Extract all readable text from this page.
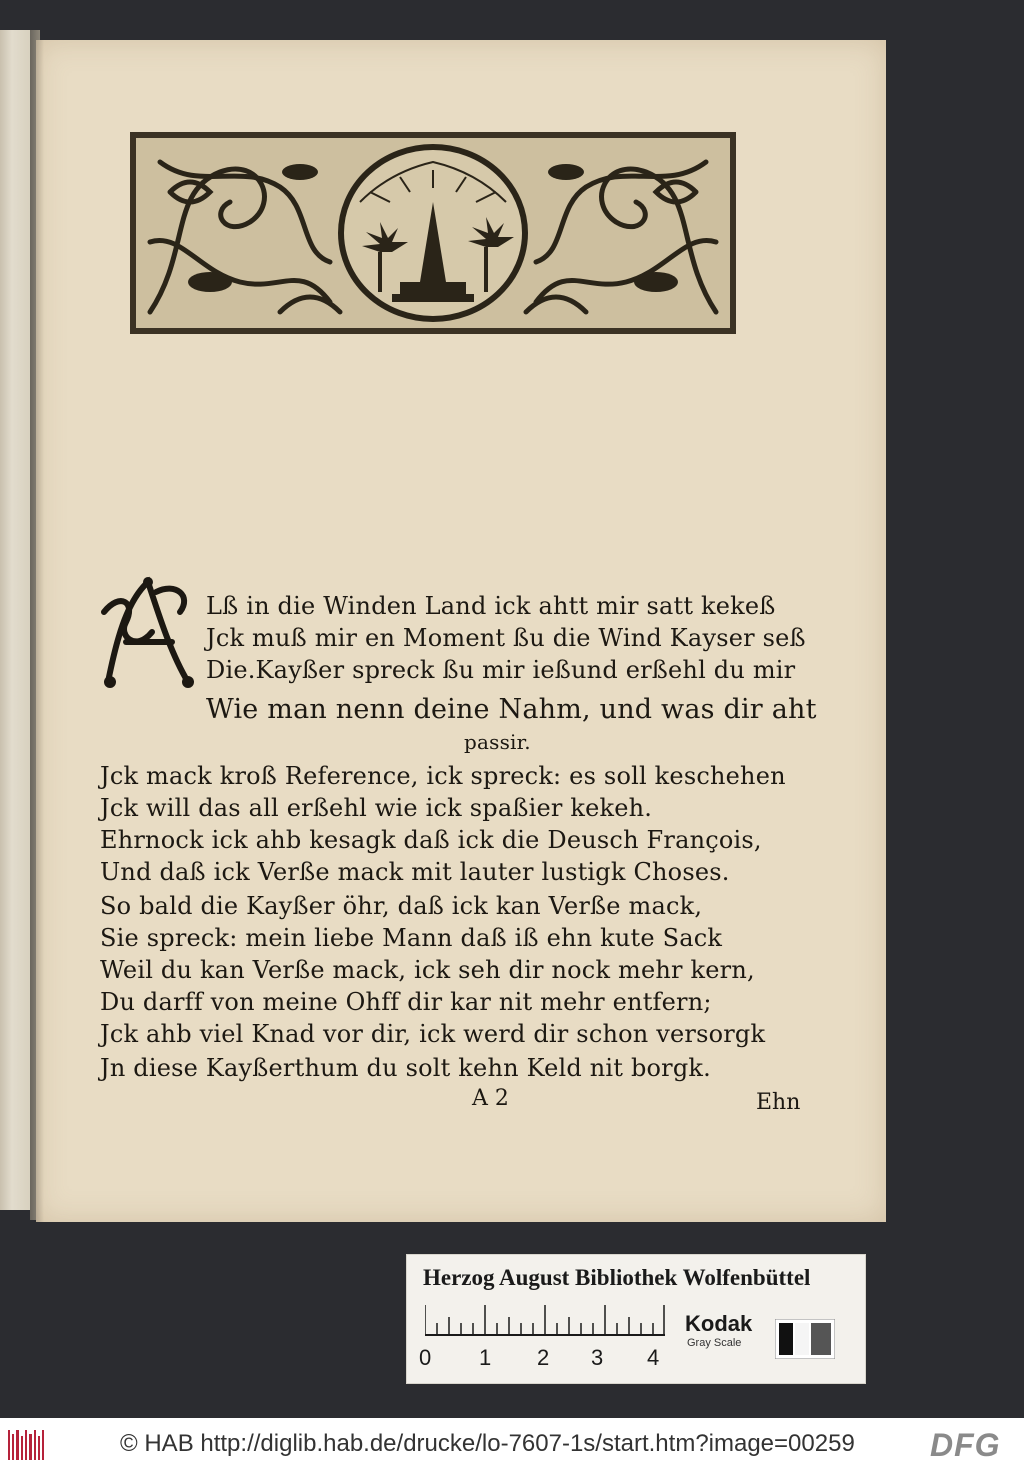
Lß in die Winden Land ick ahtt mir satt kekeß
Jck muß mir en Moment ßu die Wind Kayser seß
Die.Kayßer spreck ßu mir ießund erßehl du mir
Wie man nenn deine Nahm, und was dir aht
passir.
Jck mack kroß Reference, ick spreck: es soll keschehen
Jck will das all erßehl wie ick spaßier kekeh.
Ehrnock ick ahb kesagk daß ick die Deusch François,
Und daß ick Verße mack mit lauter lustigk Choses.
So bald die Kayßer öhr, daß ick kan Verße mack,
Sie spreck: mein liebe Mann daß iß ehn kute Sack
Weil du kan Verße mack, ick seh dir nock mehr kern,
Du darff von meine Ohff dir kar nit mehr entfern;
Jck ahb viel Knad vor dir, ick werd dir schon versorgk
Jn diese Kayßerthum du solt kehn Keld nit borgk.
A 2	Ehn
Herzog August Bibliothek Wolfenbüttel
0 1 2 3 4
Kodak
Gray Scale
© HAB http://diglib.hab.de/drucke/lo-7607-1s/start.htm?image=00259 DFG
